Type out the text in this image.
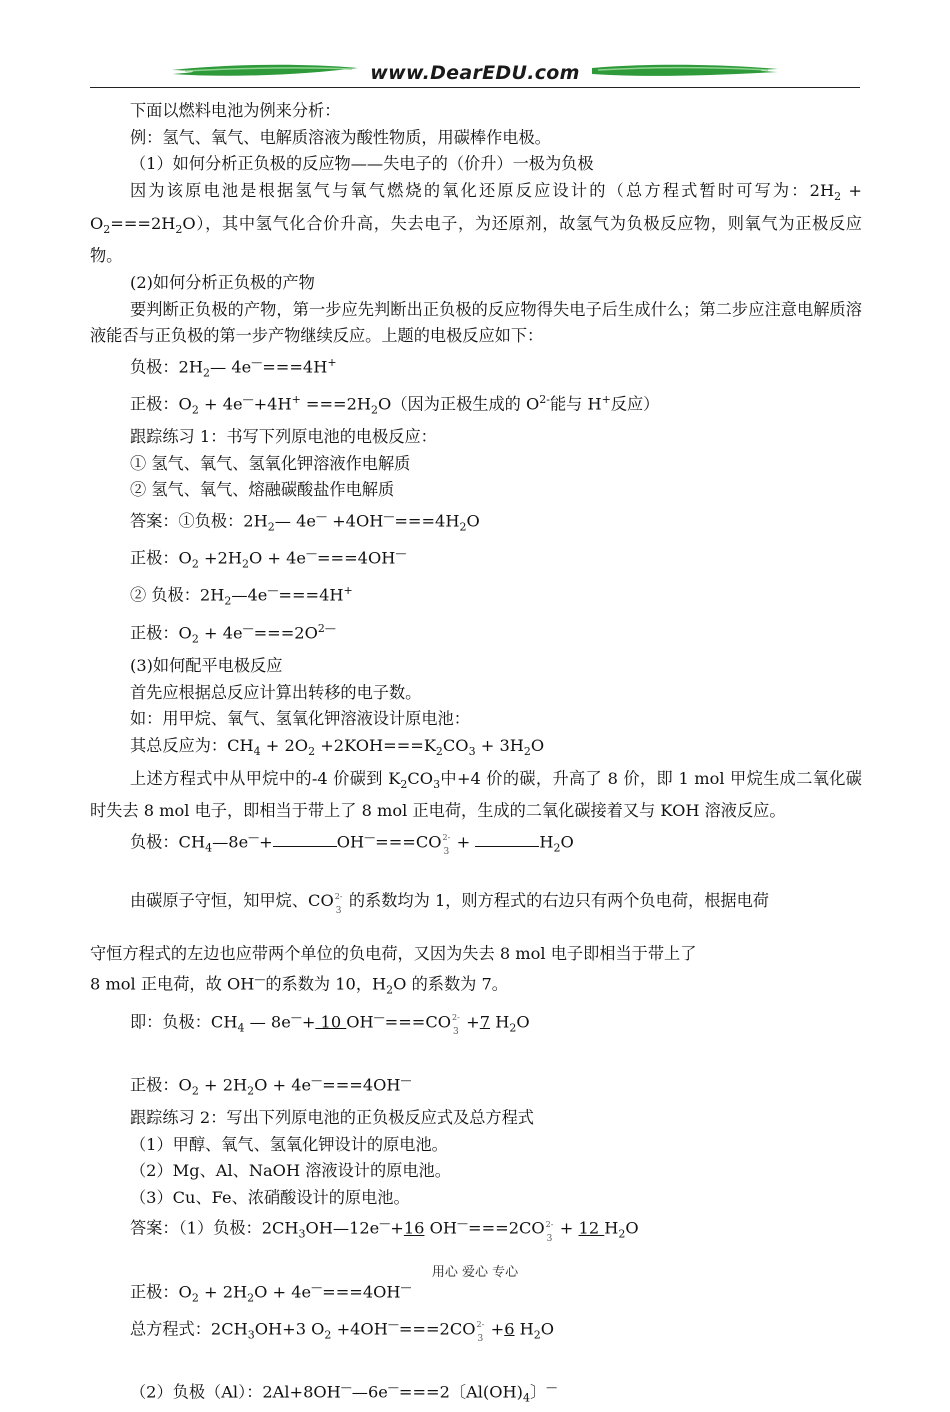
www.DearEDU.com

下面以燃料电池为例来分析：

例：氢气、氧气、电解质溶液为酸性物质，用碳棒作电极。

（1）如何分析正负极的反应物——失电子的（价升）一极为负极

因为该原电池是根据氢气与氧气燃烧的氧化还原反应设计的（总方程式暂时可写为：$2H_2 + O_2===2H_2O$），其中氢气化合价升高，失去电子，为还原剂，故氢气为负极反应物，则氧气为正极反应物。

(2)如何分析正负极的产物

要判断正负极的产物，第一步应先判断出正负极的反应物得失电子后生成什么；第二步应注意电解质溶液能否与正负极的第一步产物继续反应。上题的电极反应如下：

负极：$2H_2—$ 4e—===4H+

正极：$O_2 + 4e^—+4H^+ ===2H_2O$（因为正极生成的 $O^{2-}$能与 H+反应）

跟踪练习 1：书写下列原电池的电极反应：

① 氢气、氧气、氢氧化钾溶液作电解质

② 氢气、氧气、熔融碳酸盐作电解质

答案：①负极：$2H_2—$ $4e^— +4OH^—===4H_2O$

正极：$O_2 +2H_2O + 4e^—===4OH^—$

② 负极：$2H_2—4e^—===4H^+$

正极：$O_2 + 4e^—===2O^{2—}$

(3)如何配平电极反应

首先应根据总反应计算出转移的电子数。

如：用甲烷、氧气、氢氧化钾溶液设计原电池：

其总反应为：$CH_4 + 2O_2 +2KOH===K_2CO_3 + 3H_2O$

上述方程式中从甲烷中的-4 价碳到 $K_2CO_3$中+4 价的碳，升高了 8 价，即 1 mol 甲烷生成二氧化碳时失去 8 mol 电子，即相当于带上了 8 mol 正电荷，生成的二氧化碳接着又与 KOH 溶液反应。

负极：$CH_4—8e^—+$	OH—===CO 2-
3
+	$H_2O$

由碳原子守恒，知甲烷、CO 2-
3
的系数均为 1，则方程式的右边只有两个负电荷，根据电荷

守恒方程式的左边也应带两个单位的负电荷，又因为失去 8 mol 电子即相当于带上了

8 mol 正电荷，故 OH—的系数为 10，$H_2O$ 的系数为 7。

即：负极：$CH_4$ — 8e—+ 10 OH—===CO 2-
3
+7 $H_2O$

正极：$O_2 + 2H_2O + 4e^—===4OH^—$

跟踪练习 2：写出下列原电池的正负极反应式及总方程式

（1）甲醇、氧气、氢氧化钾设计的原电池。

（2）Mg、Al、NaOH 溶液设计的原电池。

（3）Cu、Fe、浓硝酸设计的原电池。

答案：（1）负极：$2CH_3OH—12e^—+16$ OH—===2CO 2-
3
+ 12 $H_2O$

正极：$O_2 + 2H_2O + 4e^—===4OH^—$

总方程式：$2CH_3OH+3$ $O_2 +4OH^—===2CO$ 2-
3
+6 $H_2O$

（2）负极（Al）：2Al+8OH——6e—===2〔$Al(OH)_4$〕—

用心 爱心 专心
